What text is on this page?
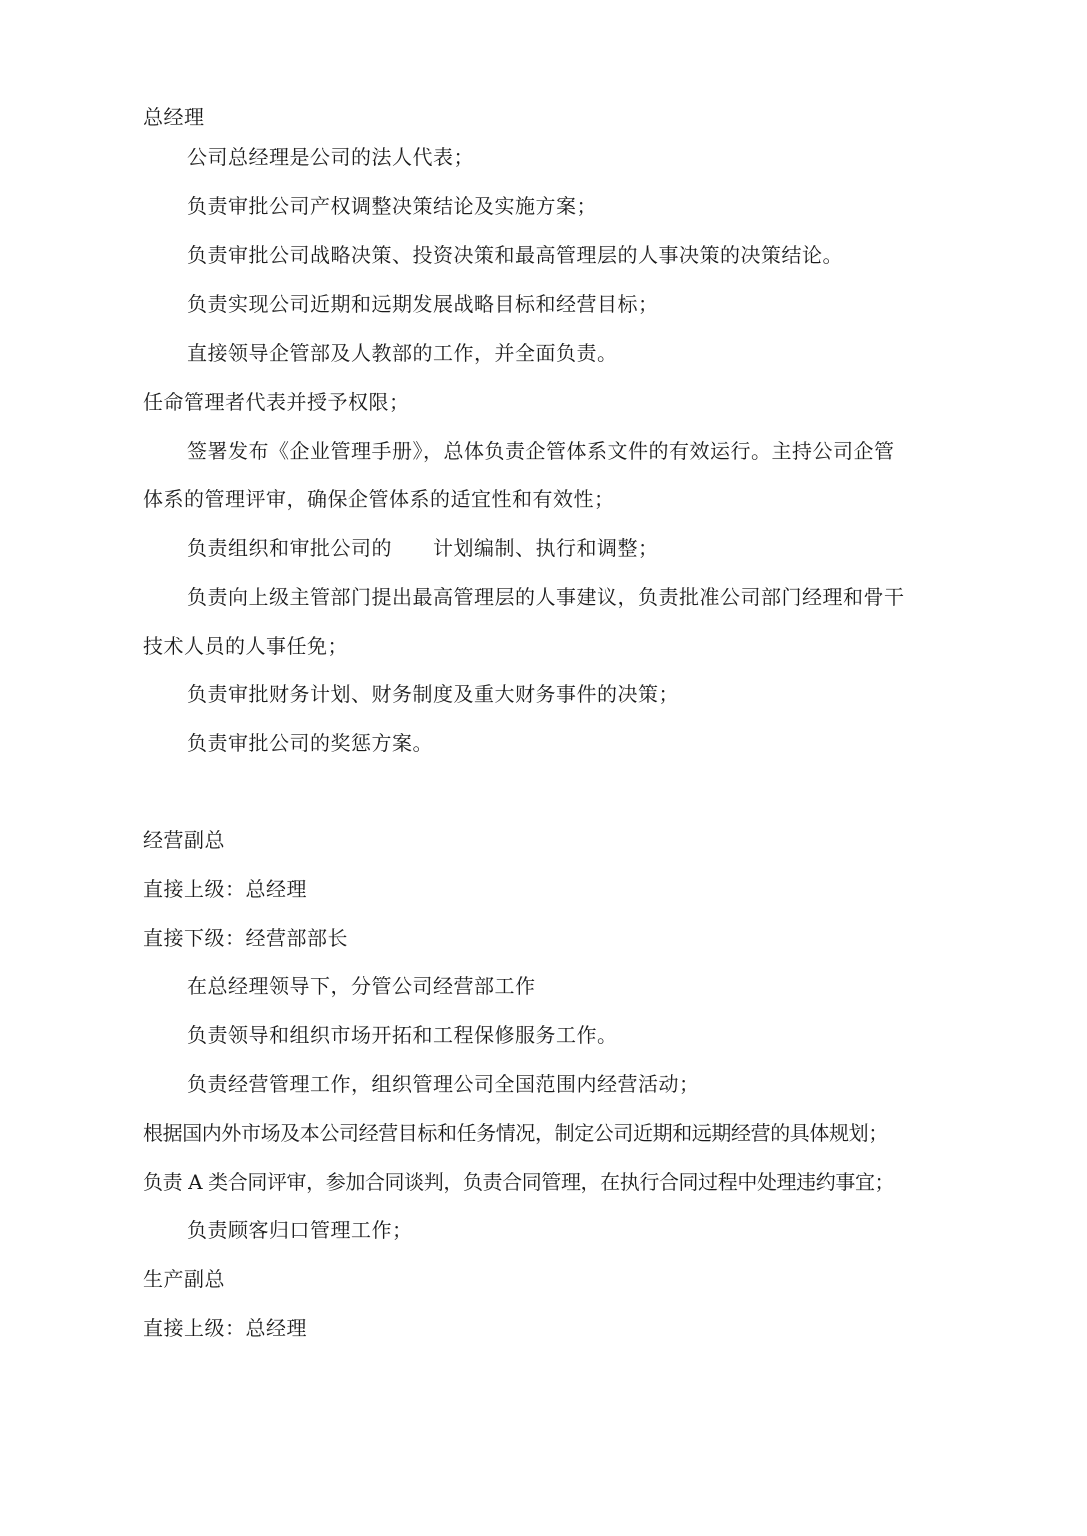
总经理
公司总经理是公司的法人代表；
负责审批公司产权调整决策结论及实施方案；
负责审批公司战略决策、投资决策和最高管理层的人事决策的决策结论。
负责实现公司近期和远期发展战略目标和经营目标；
直接领导企管部及人教部的工作，并全面负责。
任命管理者代表并授予权限；
签署发布《企业管理手册》，总体负责企管体系文件的有效运行。主持公司企管
体系的管理评审，确保企管体系的适宜性和有效性；
负责组织和审批公司的　　计划编制、执行和调整；
负责向上级主管部门提出最高管理层的人事建议，负责批准公司部门经理和骨干
技术人员的人事任免；
负责审批财务计划、财务制度及重大财务事件的决策；
负责审批公司的奖惩方案。
经营副总
直接上级：总经理
直接下级：经营部部长
在总经理领导下，分管公司经营部工作
负责领导和组织市场开拓和工程保修服务工作。
负责经营管理工作，组织管理公司全国范围内经营活动；
根据国内外市场及本公司经营目标和任务情况，制定公司近期和远期经营的具体规划；
负责 A 类合同评审，参加合同谈判，负责合同管理，在执行合同过程中处理违约事宜；
负责顾客归口管理工作；
生产副总
直接上级：总经理
